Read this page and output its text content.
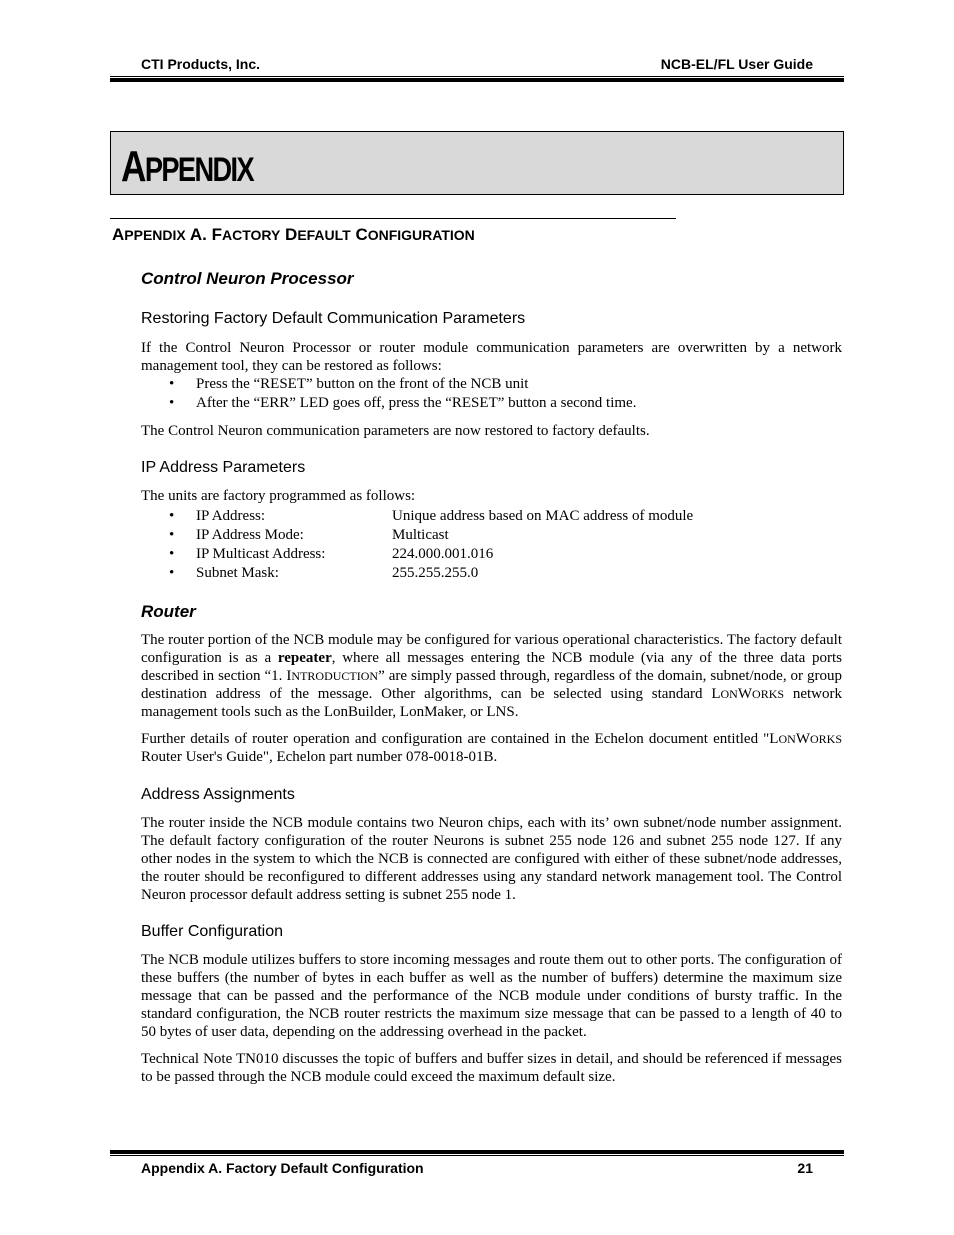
CTI Products, Inc.	NCB-EL/FL User Guide
APPENDIX
APPENDIX A. FACTORY DEFAULT CONFIGURATION
Control Neuron Processor
Restoring Factory Default Communication Parameters
If the Control Neuron Processor or router module communication parameters are overwritten by a network management tool, they can be restored as follows:
• Press the “RESET” button on the front of the NCB unit
• After the “ERR” LED goes off, press the “RESET” button a second time.
The Control Neuron communication parameters are now restored to factory defaults.
IP Address Parameters
The units are factory programmed as follows:
• IP Address:	Unique address based on MAC address of module
• IP Address Mode:	Multicast
• IP Multicast Address:	224.000.001.016
• Subnet Mask:	255.255.255.0
Router
The router portion of the NCB module may be configured for various operational characteristics. The factory default configuration is as a repeater, where all messages entering the NCB module (via any of the three data ports described in section “1. INTRODUCTION” are simply passed through, regardless of the domain, subnet/node, or group destination address of the message. Other algorithms, can be selected using standard LONWORKS network management tools such as the LonBuilder, LonMaker, or LNS.
Further details of router operation and configuration are contained in the Echelon document entitled "LONWORKS Router User's Guide", Echelon part number 078-0018-01B.
Address Assignments
The router inside the NCB module contains two Neuron chips, each with its’ own subnet/node number assignment. The default factory configuration of the router Neurons is subnet 255 node 126 and subnet 255 node 127. If any other nodes in the system to which the NCB is connected are configured with either of these subnet/node addresses, the router should be reconfigured to different addresses using any standard network management tool. The Control Neuron processor default address setting is subnet 255 node 1.
Buffer Configuration
The NCB module utilizes buffers to store incoming messages and route them out to other ports. The configuration of these buffers (the number of bytes in each buffer as well as the number of buffers) determine the maximum size message that can be passed and the performance of the NCB module under conditions of bursty traffic. In the standard configuration, the NCB router restricts the maximum size message that can be passed to a length of 40 to 50 bytes of user data, depending on the addressing overhead in the packet.
Technical Note TN010 discusses the topic of buffers and buffer sizes in detail, and should be referenced if messages to be passed through the NCB module could exceed the maximum default size.
Appendix A. Factory Default Configuration	21
